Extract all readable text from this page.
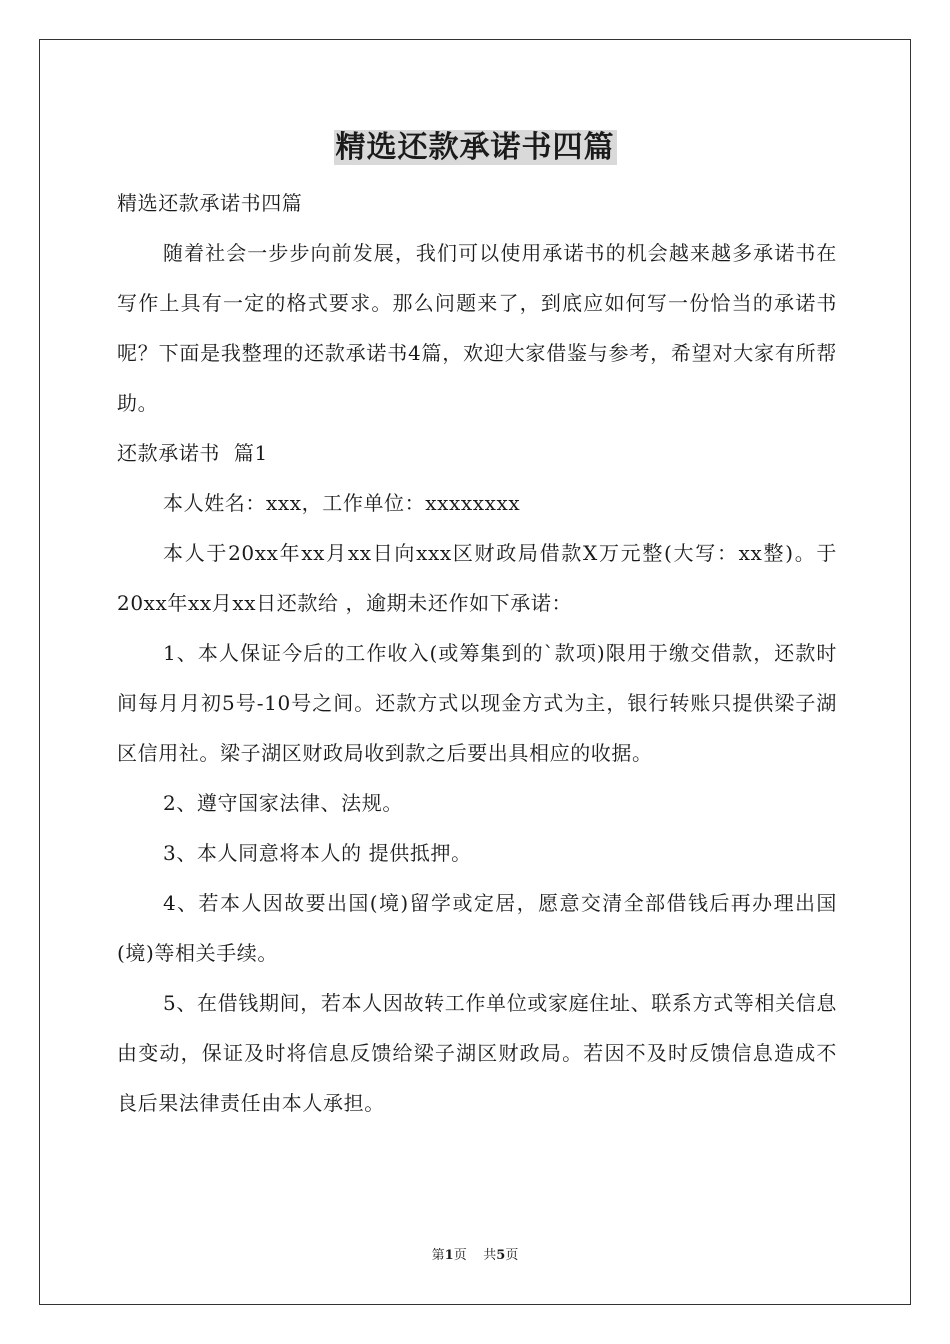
精选还款承诺书四篇

精选还款承诺书四篇

随着社会一步步向前发展，我们可以使用承诺书的机会越来越多承诺书在写作上具有一定的格式要求。那么问题来了，到底应如何写一份恰当的承诺书呢？下面是我整理的还款承诺书4篇，欢迎大家借鉴与参考，希望对大家有所帮助。

还款承诺书  篇1

本人姓名：xxx，工作单位：xxxxxxxx

本人于20xx年xx月xx日向xxx区财政局借款X万元整(大写：xx整)。于20xx年xx月xx日还款给 ，逾期未还作如下承诺：

1、本人保证今后的工作收入(或筹集到的`款项)限用于缴交借款，还款时间每月月初5号-10号之间。还款方式以现金方式为主，银行转账只提供梁子湖区信用社。梁子湖区财政局收到款之后要出具相应的收据。

2、遵守国家法律、法规。

3、本人同意将本人的 提供抵押。

4、若本人因故要出国(境)留学或定居，愿意交清全部借钱后再办理出国(境)等相关手续。

5、在借钱期间，若本人因故转工作单位或家庭住址、联系方式等相关信息由变动，保证及时将信息反馈给梁子湖区财政局。若因不及时反馈信息造成不良后果法律责任由本人承担。

第1页 共5页
